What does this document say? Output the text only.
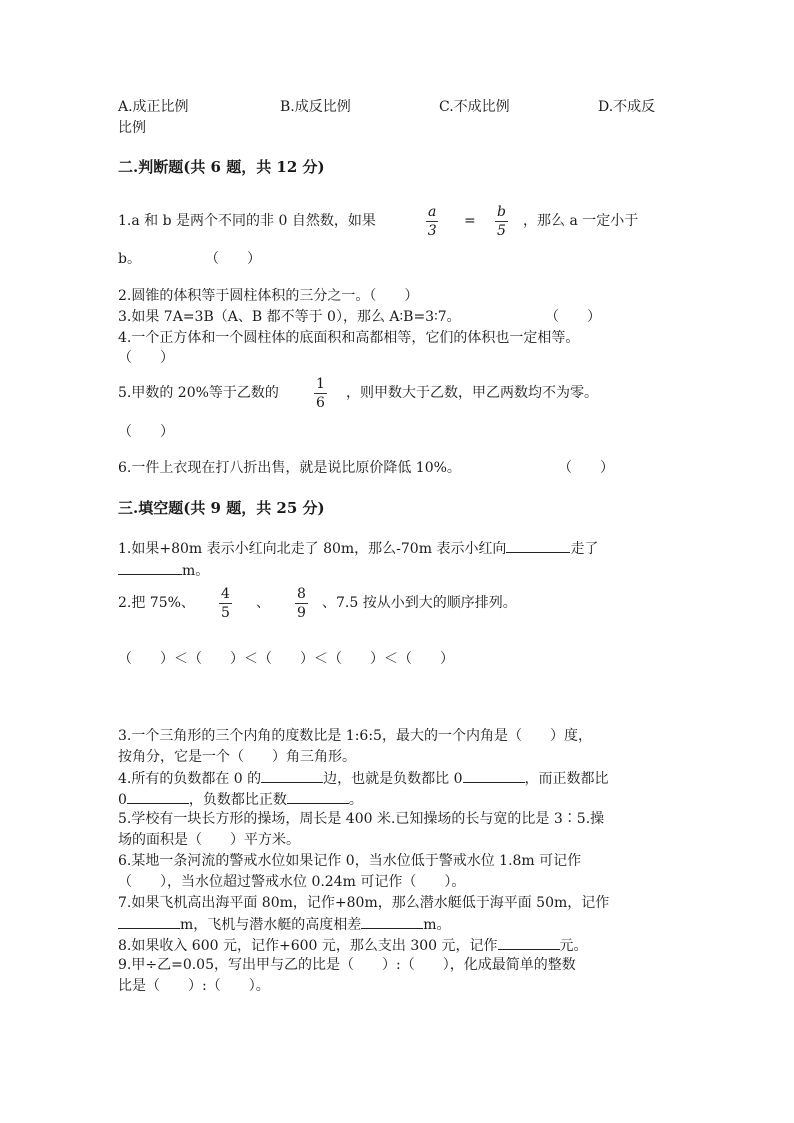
A.成正比例	B.成反比例	C.不成比例	D.不成反
比例
二.判断题(共 6 题，共 12 分)
1.a 和 b 是两个不同的非 0 自然数，如果	$\frac{a}{3} = \frac{b}{5}$ ，那么 a 一定小于
b。	（　　）
2.圆锥的体积等于圆柱体积的三分之一。（　　）
3.如果 7A=3B（A、B 都不等于 0），那么 A∶B=3∶7。	（　　）
4.一个正方体和一个圆柱体的底面积和高都相等，它们的体积也一定相等。
（　　）
5.甲数的 20%等于乙数的	$\frac{1}{6}$ ，则甲数大于乙数，甲乙两数均不为零。
（　　）
6.一件上衣现在打八折出售，就是说比原价降低 10%。	（　　）
三.填空题(共 9 题，共 25 分)
1.如果+80m 表示小红向北走了 80m，那么-70m 表示小红向	走了
m。
2.把 75%、 $\frac{4}{5}$ 、 $\frac{8}{9}$ 、7.5 按从小到大的顺序排列。
（　　）＜（　　）＜（　　）＜（　　）＜（　　）
3.一个三角形的三个内角的度数比是 1:6:5，最大的一个内角是（　　）度，
按角分，它是一个（　　）角三角形。
4.所有的负数都在 0 的	边，也就是负数都比 0	，而正数都比
0	，负数都比正数	。
5.学校有一块长方形的操场，周长是 400 米.已知操场的长与宽的比是 3∶5.操
场的面积是（　　）平方米。
6.某地一条河流的警戒水位如果记作 0，当水位低于警戒水位 1.8m 可记作
（　　），当水位超过警戒水位 0.24m 可记作（　　）。
7.如果飞机高出海平面 80m，记作+80m，那么潜水艇低于海平面 50m，记作
m，飞机与潜水艇的高度相差	m。
8.如果收入 600 元，记作+600 元，那么支出 300 元，记作	元。
9.甲÷乙=0.05，写出甲与乙的比是（　　）:（　　），化成最简单的整数
比是（　　）:（　　）。
